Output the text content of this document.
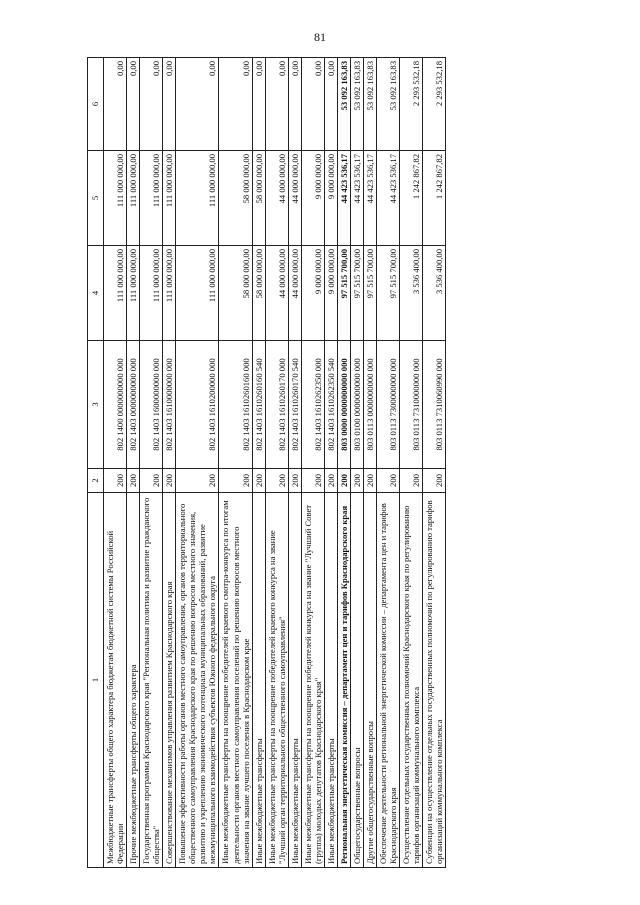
81
1	2	3	4	5	6
Межбюджетные трансферты общего характера бюджетам бюджетной системы Российской Федерации	200	802 1400 0000000000 000	111 000 000,00	111 000 000,00	0,00
Прочие межбюджетные трансферты общего характера	200	802 1403 0000000000 000	111 000 000,00	111 000 000,00	0,00
Государственная программа Краснодарского края "Региональная политика и развитие гражданского общества"	200	802 1403 1600000000 000	111 000 000,00	111 000 000,00	0,00
Совершенствование механизмов управления развитием Краснодарского края	200	802 1403 1610000000 000	111 000 000,00	111 000 000,00	0,00
Повышение эффективности работы органов местного самоуправления, органов территориального общественного самоуправления Краснодарского края по решению вопросов местного значения, развитию и укреплению экономического потенциала муниципальных образований, развитие межмуниципального взаимодействия субъектов Южного федерального округа	200	802 1403 1610200000 000	111 000 000,00	111 000 000,00	0,00
Иные межбюджетные трансферты на поощрение победителей краевого смотра-конкурса по итогам деятельности органов местного самоуправления поселений по решению вопросов местного значения на звание лучшего поселения в Краснодарском крае	200	802 1403 1610260160 000	58 000 000,00	58 000 000,00	0,00
Иные межбюджетные трансферты	200	802 1403 1610260160 540	58 000 000,00	58 000 000,00	0,00
Иные межбюджетные трансферты на поощрение победителей краевого конкурса на звание "Лучший орган территориального общественного самоуправления"	200	802 1403 1610260170 000	44 000 000,00	44 000 000,00	0,00
Иные межбюджетные трансферты	200	802 1403 1610260170 540	44 000 000,00	44 000 000,00	0,00
Иные межбюджетные трансферты на поощрение победителей конкурса на звание "Лучший Совет (группа) молодых депутатов Краснодарского края"	200	802 1403 1610262350 000	9 000 000,00	9 000 000,00	0,00
Иные межбюджетные трансферты	200	802 1403 1610262350 540	9 000 000,00	9 000 000,00	0,00
Региональная энергетическая комиссия – департамент цен и тарифов Краснодарского края	200	803 0000 0000000000 000	97 515 700,00	44 423 536,17	53 092 163,83
Общегосударственные вопросы	200	803 0100 0000000000 000	97 515 700,00	44 423 536,17	53 092 163,83
Другие общегосударственные вопросы	200	803 0113 0000000000 000	97 515 700,00	44 423 536,17	53 092 163,83
Обеспечение деятельности региональной энергетической комиссии – департамента цен и тарифов Краснодарского края	200	803 0113 7300000000 000	97 515 700,00	44 423 536,17	53 092 163,83
Осуществление отдельных государственных полномочий Краснодарского края по регулированию тарифов организаций коммунального комплекса	200	803 0113 7310000000 000	3 536 400,00	1 242 867,82	2 293 532,18
Субвенции на осуществление отдельных государственных полномочий по регулированию тарифов организаций коммунального комплекса	200	803 0113 7310060990 000	3 536 400,00	1 242 867,82	2 293 532,18
